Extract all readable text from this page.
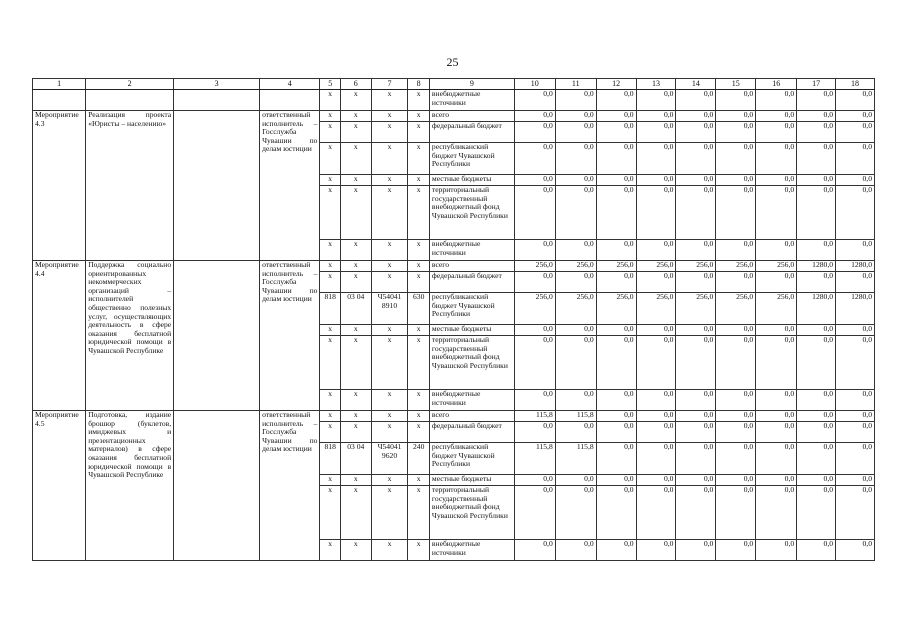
25
1	2	3	4	5	6	7	8	9	10	11	12	13	14	15	16	17	18
				x	x	x	x	внебюджетные источники	0,0	0,0	0,0	0,0	0,0	0,0	0,0	0,0	0,0
Мероприятие 4.3	Реализация проекта «Юристы – населению»		ответственный исполнитель – Госслужба Чувашии по делам юстиции	x	x	x	x	всего	0,0	0,0	0,0	0,0	0,0	0,0	0,0	0,0	0,0
				x	x	x	x	федеральный бюджет	0,0	0,0	0,0	0,0	0,0	0,0	0,0	0,0	0,0
				x	x	x	x	республиканский бюджет Чувашской Республики	0,0	0,0	0,0	0,0	0,0	0,0	0,0	0,0	0,0
				x	x	x	x	местные бюджеты	0,0	0,0	0,0	0,0	0,0	0,0	0,0	0,0	0,0
				x	x	x	x	территориальный государственный внебюджетный фонд Чувашской Республики	0,0	0,0	0,0	0,0	0,0	0,0	0,0	0,0	0,0
				x	x	x	x	внебюджетные источники	0,0	0,0	0,0	0,0	0,0	0,0	0,0	0,0	0,0
Мероприятие 4.4	Поддержка социально ориентированных некоммерческих организаций – исполнителей общественно полезных услуг, осуществляющих деятельность в сфере оказания бесплатной юридической помощи в Чувашской Республике		ответственный исполнитель – Госслужба Чувашии по делам юстиции	x	x	x	x	всего	256,0	256,0	256,0	256,0	256,0	256,0	256,0	1280,0	1280,0
				x	x	x	x	федеральный бюджет	0,0	0,0	0,0	0,0	0,0	0,0	0,0	0,0	0,0
				818	03 04	Ч54041 8910	630	республиканский бюджет Чувашской Республики	256,0	256,0	256,0	256,0	256,0	256,0	256,0	1280,0	1280,0
				x	x	x	x	местные бюджеты	0,0	0,0	0,0	0,0	0,0	0,0	0,0	0,0	0,0
				x	x	x	x	территориальный государственный внебюджетный фонд Чувашской Республики	0,0	0,0	0,0	0,0	0,0	0,0	0,0	0,0	0,0
				x	x	x	x	внебюджетные источники	0,0	0,0	0,0	0,0	0,0	0,0	0,0	0,0	0,0
Мероприятие 4.5	Подготовка, издание брошюр (буклетов, имиджевых и презентационных материалов) в сфере оказания бесплатной юридической помощи в Чувашской Республике		ответственный исполнитель – Госслужба Чувашии по делам юстиции	x	x	x	x	всего	115,8	115,8	0,0	0,0	0,0	0,0	0,0	0,0	0,0
				x	x	x	x	федеральный бюджет	0,0	0,0	0,0	0,0	0,0	0,0	0,0	0,0	0,0
				818	03 04	Ч54041 9620	240	республиканский бюджет Чувашской Республики	115,8	115,8	0,0	0,0	0,0	0,0	0,0	0,0	0,0
				x	x	x	x	местные бюджеты	0,0	0,0	0,0	0,0	0,0	0,0	0,0	0,0	0,0
				x	x	x	x	территориальный государственный внебюджетный фонд Чувашской Республики	0,0	0,0	0,0	0,0	0,0	0,0	0,0	0,0	0,0
				x	x	x	x	внебюджетные источники	0,0	0,0	0,0	0,0	0,0	0,0	0,0	0,0	0,0
